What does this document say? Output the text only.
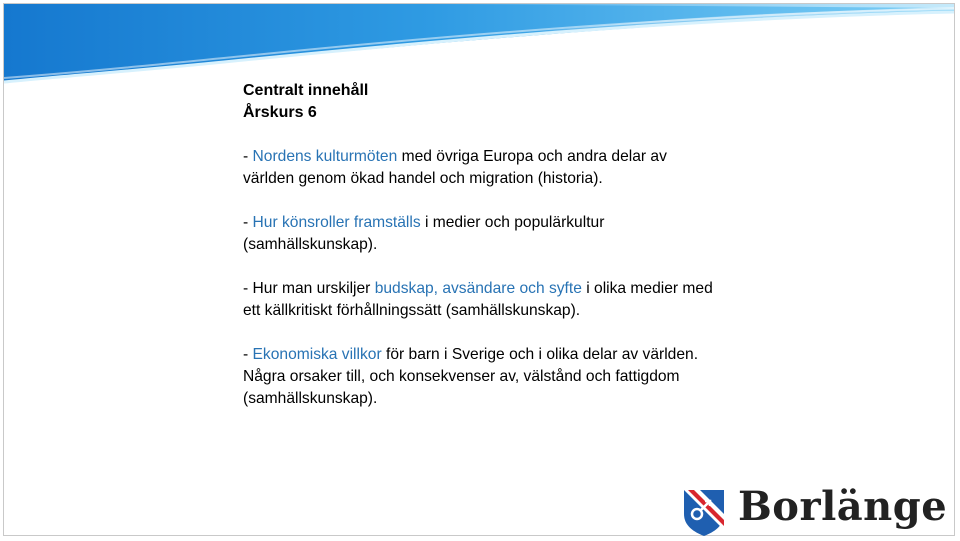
Centralt innehåll
Årskurs 6

- Nordens kulturmöten med övriga Europa och andra delar av världen genom ökad handel och migration (historia).

- Hur könsroller framställs i medier och populärkultur (samhällskunskap).

- Hur man urskiljer budskap, avsändare och syfte i olika medier med ett källkritiskt förhållningssätt (samhällskunskap).

- Ekonomiska villkor för barn i Sverige och i olika delar av världen.

Några orsaker till, och konsekvenser av, välstånd och fattigdom (samhällskunskap).

Borlänge
